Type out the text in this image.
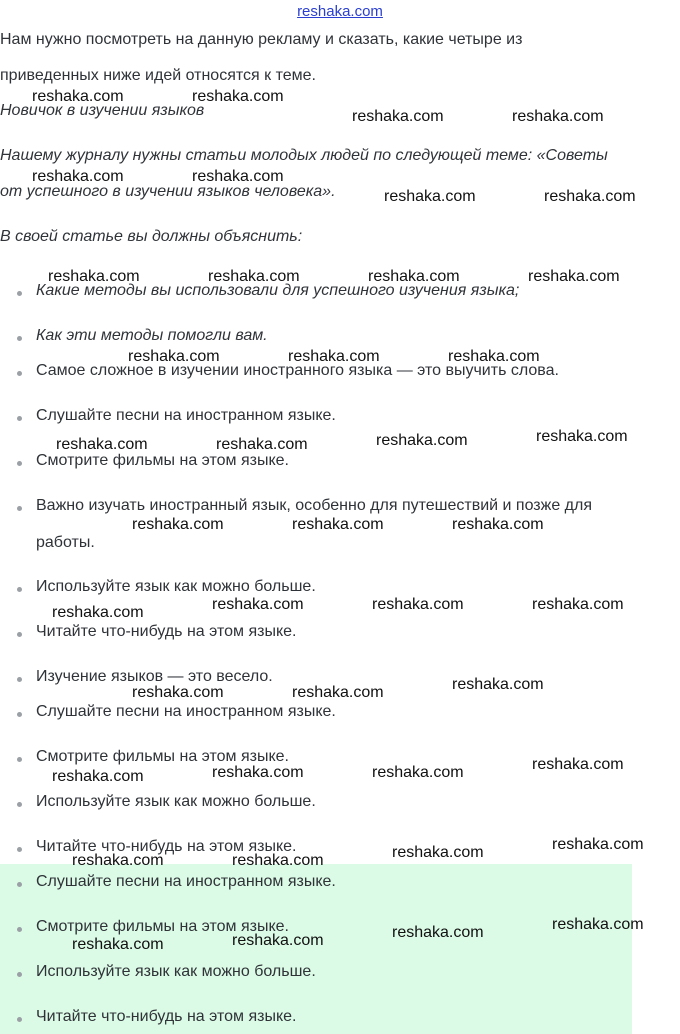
reshaka.com
Нам нужно посмотреть на данную рекламу и сказать, какие четыре из
приведенных ниже идей относятся к теме.
Новичок в изучении языков
Нашему журналу нужны статьи молодых людей по следующей теме: «Советы
от успешного в изучении языков человека».
В своей статье вы должны объяснить:
Какие методы вы использовали для успешного изучения языка;
Как эти методы помогли вам.
Самое сложное в изучении иностранного языка — это выучить слова.
Слушайте песни на иностранном языке.
Смотрите фильмы на этом языке.
Важно изучать иностранный язык, особенно для путешествий и позже для
работы.
Используйте язык как можно больше.
Читайте что-нибудь на этом языке.
Изучение языков — это весело.
Слушайте песни на иностранном языке.
Смотрите фильмы на этом языке.
Используйте язык как можно больше.
Читайте что-нибудь на этом языке.
Слушайте песни на иностранном языке.
Смотрите фильмы на этом языке.
Используйте язык как можно больше.
Читайте что-нибудь на этом языке.
reshaka.com	reshaka.com
reshaka.com	reshaka.com
reshaka.com	reshaka.com
reshaka.com	reshaka.com
reshaka.com	reshaka.com	reshaka.com	reshaka.com
reshaka.com	reshaka.com	reshaka.com
reshaka.com	reshaka.com	reshaka.com	reshaka.com
reshaka.com	reshaka.com	reshaka.com
reshaka.com	reshaka.com	reshaka.com	reshaka.com
reshaka.com	reshaka.com	reshaka.com
reshaka.com	reshaka.com	reshaka.com	reshaka.com
reshaka.com	reshaka.com	reshaka.com	reshaka.com
reshaka.com	reshaka.com	reshaka.com	reshaka.com
